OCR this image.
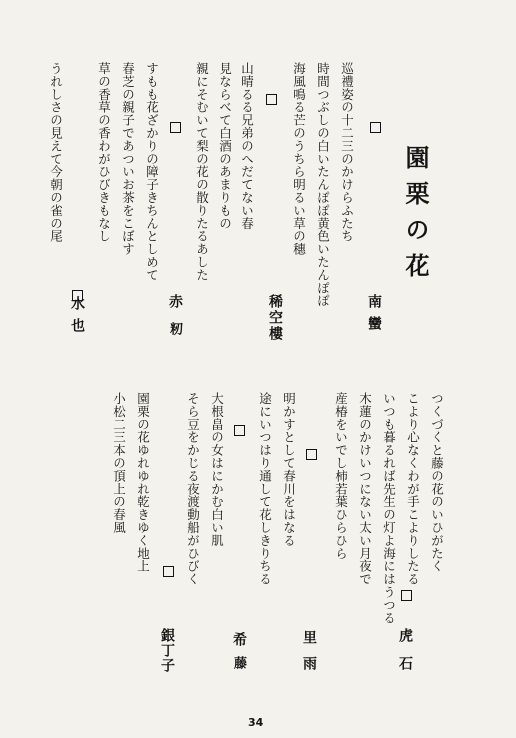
園栗の花
巡禮姿の十二三のかけらふたち
時間つぶしの白いたんぽぽ黄色いたんぽぽ
海風鳴る芒のうちら明るい草の穗
南蠻
山晴るる兄弟のへだてない春
見ならべて白酒のあまりもの
親にそむいて梨の花の散りたるあした
稀空樓
すもも花ざかりの障子きちんとしめて
春芝の親子であついお茶をこぼす
草の香草の香わがひびきもなし
赤
籾
うれしさの見えて今朝の雀の尾
水也
つくづくと藤の花のいひがたく
こより心なくわが手こよりしたる
いつも暮るれば先生の灯よ海にはうつる
木蓮のかけいつにない太い月夜で
産椿をいでし柿若葉ひらひら
虎石
明かすとして春川をはなる
途にいつはり通して花しきりちる
里雨
大根畠の女はにかむ白い肌
そら豆をかじる夜渡動船がひびく
希
藤
園栗の花ゆれゆれ乾きゆく地上
小松二三本の頂上の春風
銀丁子
34
